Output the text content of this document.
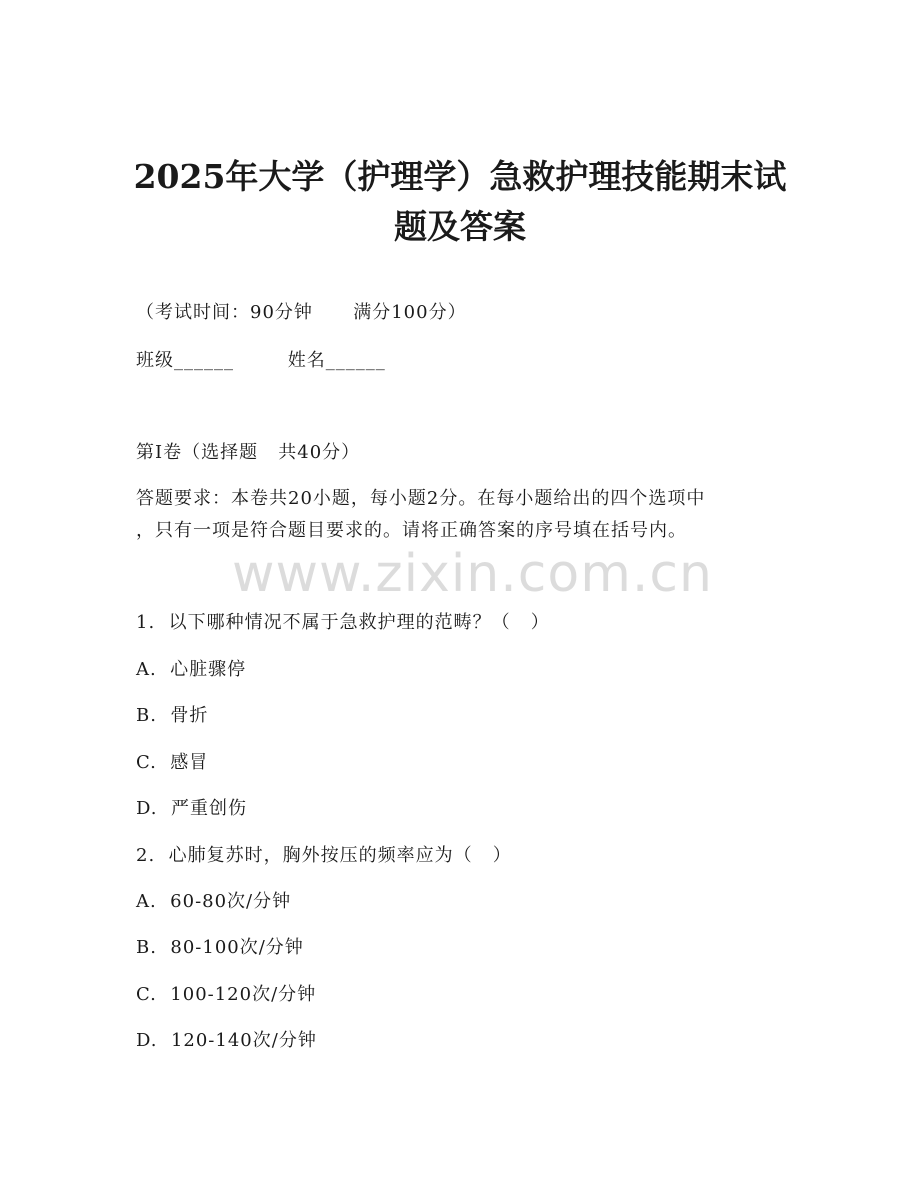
2025年大学（护理学）急救护理技能期末试
题及答案
（考试时间：90分钟      满分100分）
班级______        姓名______
第I卷（选择题   共40分）
答题要求：本卷共20小题，每小题2分。在每小题给出的四个选项中
，只有一项是符合题目要求的。请将正确答案的序号填在括号内。
www.zixin.com.cn
1.  以下哪种情况不属于急救护理的范畴？（   ）
A.  心脏骤停
B.  骨折
C.  感冒
D.  严重创伤
2.  心肺复苏时，胸外按压的频率应为（   ）
A.  60-80次/分钟
B.  80-100次/分钟
C.  100-120次/分钟
D.  120-140次/分钟
